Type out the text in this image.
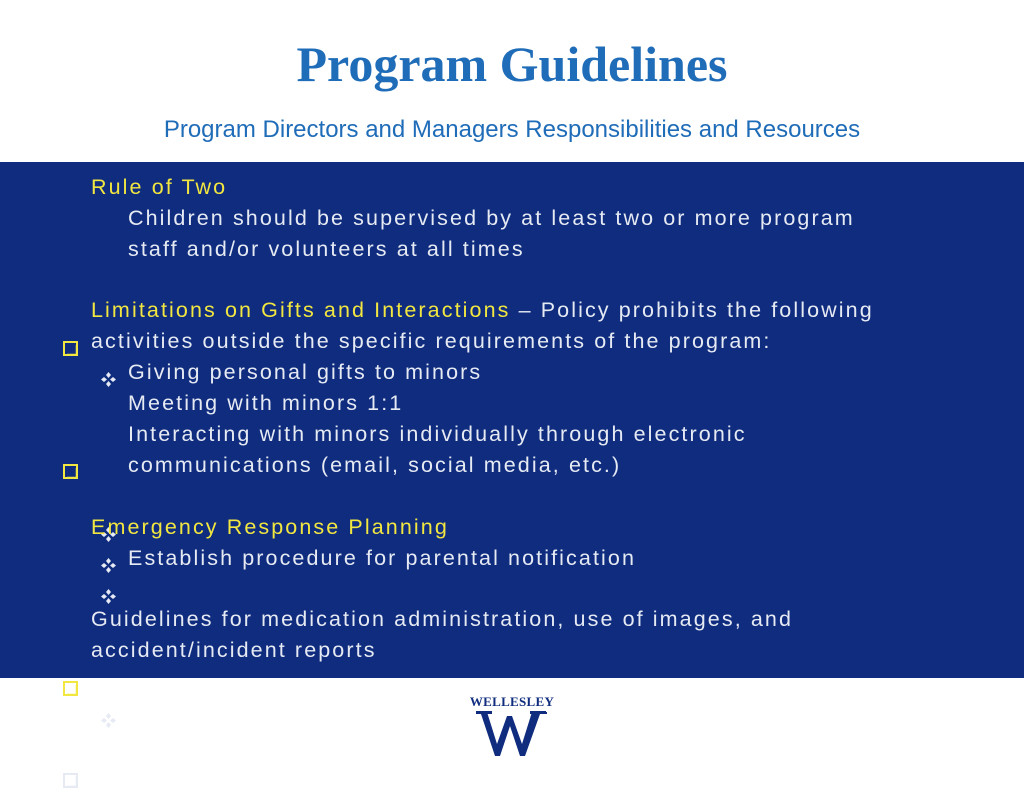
Program Guidelines
Program Directors and Managers Responsibilities and Resources
Rule of Two
Children should be supervised by at least two or more program
staff and/or volunteers at all times
Limitations on Gifts and Interactions – Policy prohibits the following
activities outside the specific requirements of the program:
Giving personal gifts to minors
Meeting with minors 1:1
Interacting with minors individually through electronic
communications (email, social media, etc.)
Emergency Response Planning
Establish procedure for parental notification
Guidelines for medication administration, use of images, and
accident/incident reports
WELLESLEY
